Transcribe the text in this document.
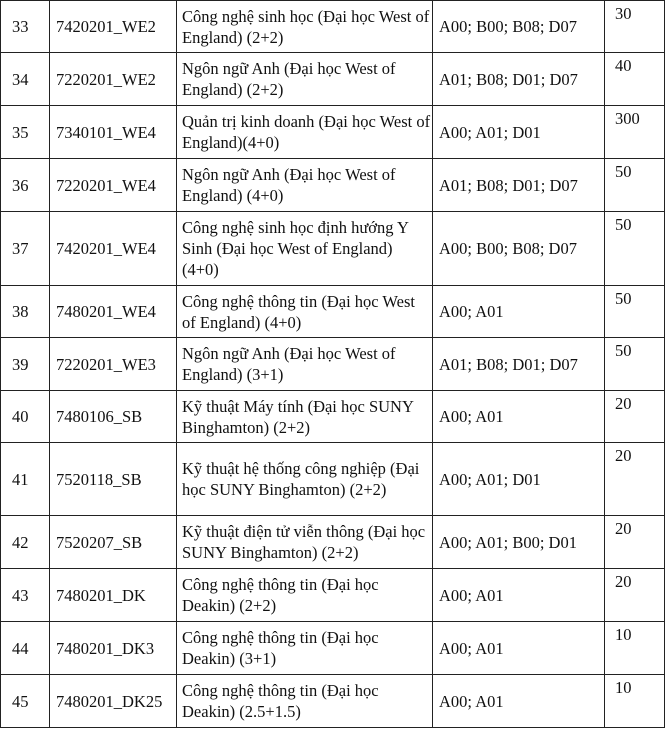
33	7420201_WE2	Công nghệ sinh học (Đại học West of England) (2+2)	A00; B00; B08; D07	30
34	7220201_WE2	Ngôn ngữ Anh (Đại học West of England) (2+2)	A01; B08; D01; D07	40
35	7340101_WE4	Quản trị kinh doanh (Đại học West of England)(4+0)	A00; A01; D01	300
36	7220201_WE4	Ngôn ngữ Anh (Đại học West of England) (4+0)	A01; B08; D01; D07	50
37	7420201_WE4	Công nghệ sinh học định hướng Y Sinh (Đại học West of England) (4+0)	A00; B00; B08; D07	50
38	7480201_WE4	Công nghệ thông tin (Đại học West of England) (4+0)	A00; A01	50
39	7220201_WE3	Ngôn ngữ Anh (Đại học West of England) (3+1)	A01; B08; D01; D07	50
40	7480106_SB	Kỹ thuật Máy tính (Đại học SUNY Binghamton) (2+2)	A00; A01	20
41	7520118_SB	Kỹ thuật hệ thống công nghiệp (Đại học SUNY Binghamton) (2+2)	A00; A01; D01	20
42	7520207_SB	Kỹ thuật điện tử viễn thông (Đại học SUNY Binghamton) (2+2)	A00; A01; B00; D01	20
43	7480201_DK	Công nghệ thông tin (Đại học Deakin) (2+2)	A00; A01	20
44	7480201_DK3	Công nghệ thông tin (Đại học Deakin) (3+1)	A00; A01	10
45	7480201_DK25	Công nghệ thông tin (Đại học Deakin) (2.5+1.5)	A00; A01	10
